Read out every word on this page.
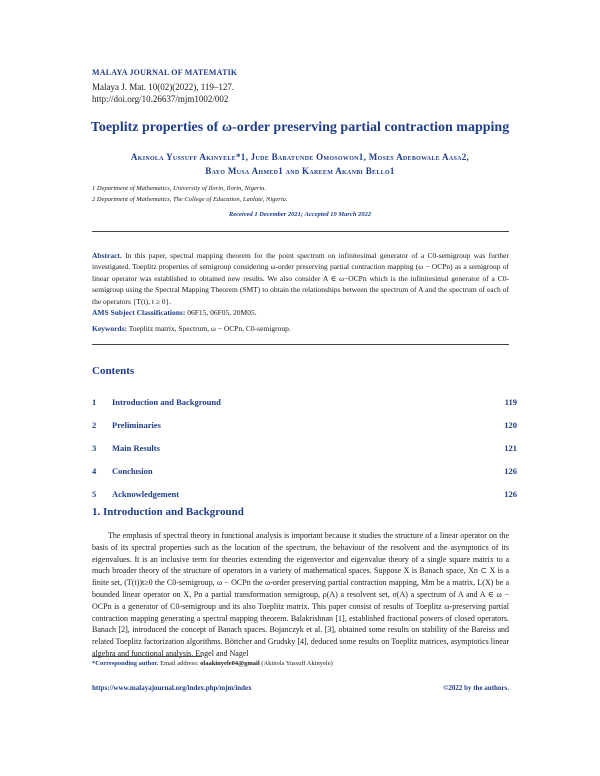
MALAYA JOURNAL OF MATEMATIK
Malaya J. Mat. 10(02)(2022), 119–127.
http://doi.org/10.26637/mjm1002/002
Toeplitz properties of ω-order preserving partial contraction mapping
Akinola Yussuff Akinyele*1, Jude Babatunde Omosowon1, Moses Adebowale Aasa2,
Bayo Musa Ahmed1 and Kareem Akanbi Bello1
1 Department of Mathematics, University of Ilorin, Ilorin, Nigeria.
2 Department of Mathematics, The College of Education, Lanlate, Nigeria.
Received 1 December 2021; Accepted 19 March 2022
Abstract. In this paper, spectral mapping theorem for the point spectrum on infinitesimal generator of a C0-semigroup was further investigated. Toeplitz properties of semigroup considering ω-order preserving partial contraction mapping (ω − OCPn) as a semigroup of linear operator was established to obtained new results. We also consider A ∈ ω−OCPn which is the infinitesimal generator of a C0-semigroup using the Spectral Mapping Theorem (SMT) to obtain the relationships between the spectrum of A and the spectrum of each of the operators {T(t), t ≥ 0}.
AMS Subject Classifications: 06F15, 06F05, 20M05.
Keywords: Toeplitz matrix, Spectrum, ω − OCPn, C0-semigroup.
Contents
1	Introduction and Background	119
2	Preliminaries	120
3	Main Results	121
4	Conclusion	126
5	Acknowledgement	126
1. Introduction and Background
The emphasis of spectral theory in functional analysis is important because it studies the structure of a linear operator on the basis of its spectral properties such as the location of the spectrum, the behaviour of the resolvent and the asymptotics of its eigenvalues. It is an inclusive term for theories extending the eigenvector and eigenvalue theory of a single square matrix to a much broader theory of the structure of operators in a variety of mathematical spaces. Suppose X is Banach space, Xn ⊂ X is a finite set, (T(t))t≥0 the C0-semigroup, ω − OCPn the ω-order preserving partial contraction mapping, Mm be a matrix, L(X) be a bounded linear operator on X, Pn a partial transformation semigroup, ρ(A) a resolvent set, σ(A) a spectrum of A and A ∈ ω − OCPn is a generator of C0-semigroup and its also Toeplitz matrix. This paper consist of results of Toeplitz ω-preserving partial contraction mapping generating a spectral mapping theorem. Balakrishnan [1], established fractional powers of closed operators. Banach [2], introduced the concept of Banach spaces. Bojanczyk et al. [3], obtained some results on stability of the Bareiss and related Toeplitz factorization algorithms. Böttcher and Grudsky [4], deduced some results on Toeplitz matrices, asymptotics linear algebra and functional analysis. Engel and Nagel
*Corresponding author. Email address: olaakinyele04@gmail (Akinola Yussuff Akinyele)
https://www.malayajournal.org/index.php/mjm/index	©2022 by the authors.
